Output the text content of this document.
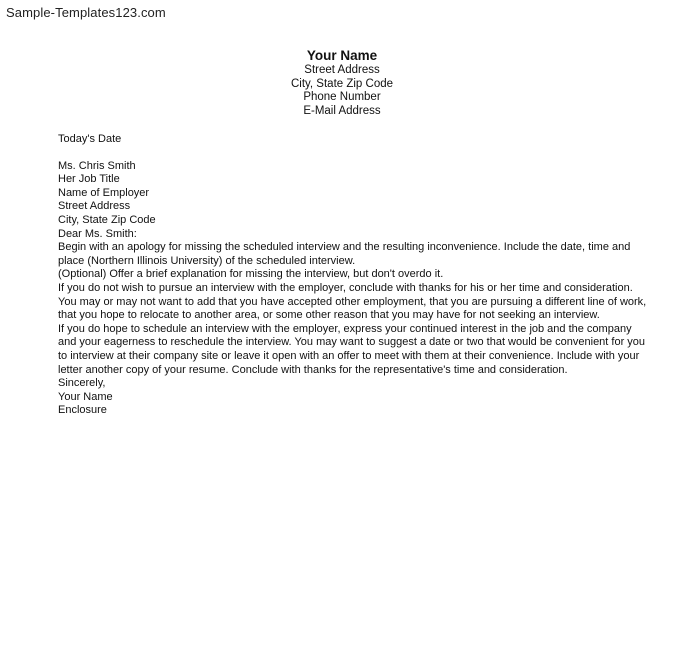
Sample-Templates123.com
Your Name
Street Address
City, State Zip Code
Phone Number
E-Mail Address

Today's Date

Ms. Chris Smith
Her Job Title
Name of Employer
Street Address
City, State Zip Code

Dear Ms. Smith:

Begin with an apology for missing the scheduled interview and the resulting inconvenience. Include the date, time and place (Northern Illinois University) of the scheduled interview.

(Optional) Offer a brief explanation for missing the interview, but don't overdo it.

If you do not wish to pursue an interview with the employer, conclude with thanks for his or her time and consideration. You may or may not want to add that you have accepted other employment, that you are pursuing a different line of work, that you hope to relocate to another area, or some other reason that you may have for not seeking an interview.

If you do hope to schedule an interview with the employer, express your continued interest in the job and the company and your eagerness to reschedule the interview. You may want to suggest a date or two that would be convenient for you to interview at their company site or leave it open with an offer to meet with them at their convenience. Include with your letter another copy of your resume. Conclude with thanks for the representative's time and consideration.

Sincerely,

Your Name

Enclosure
